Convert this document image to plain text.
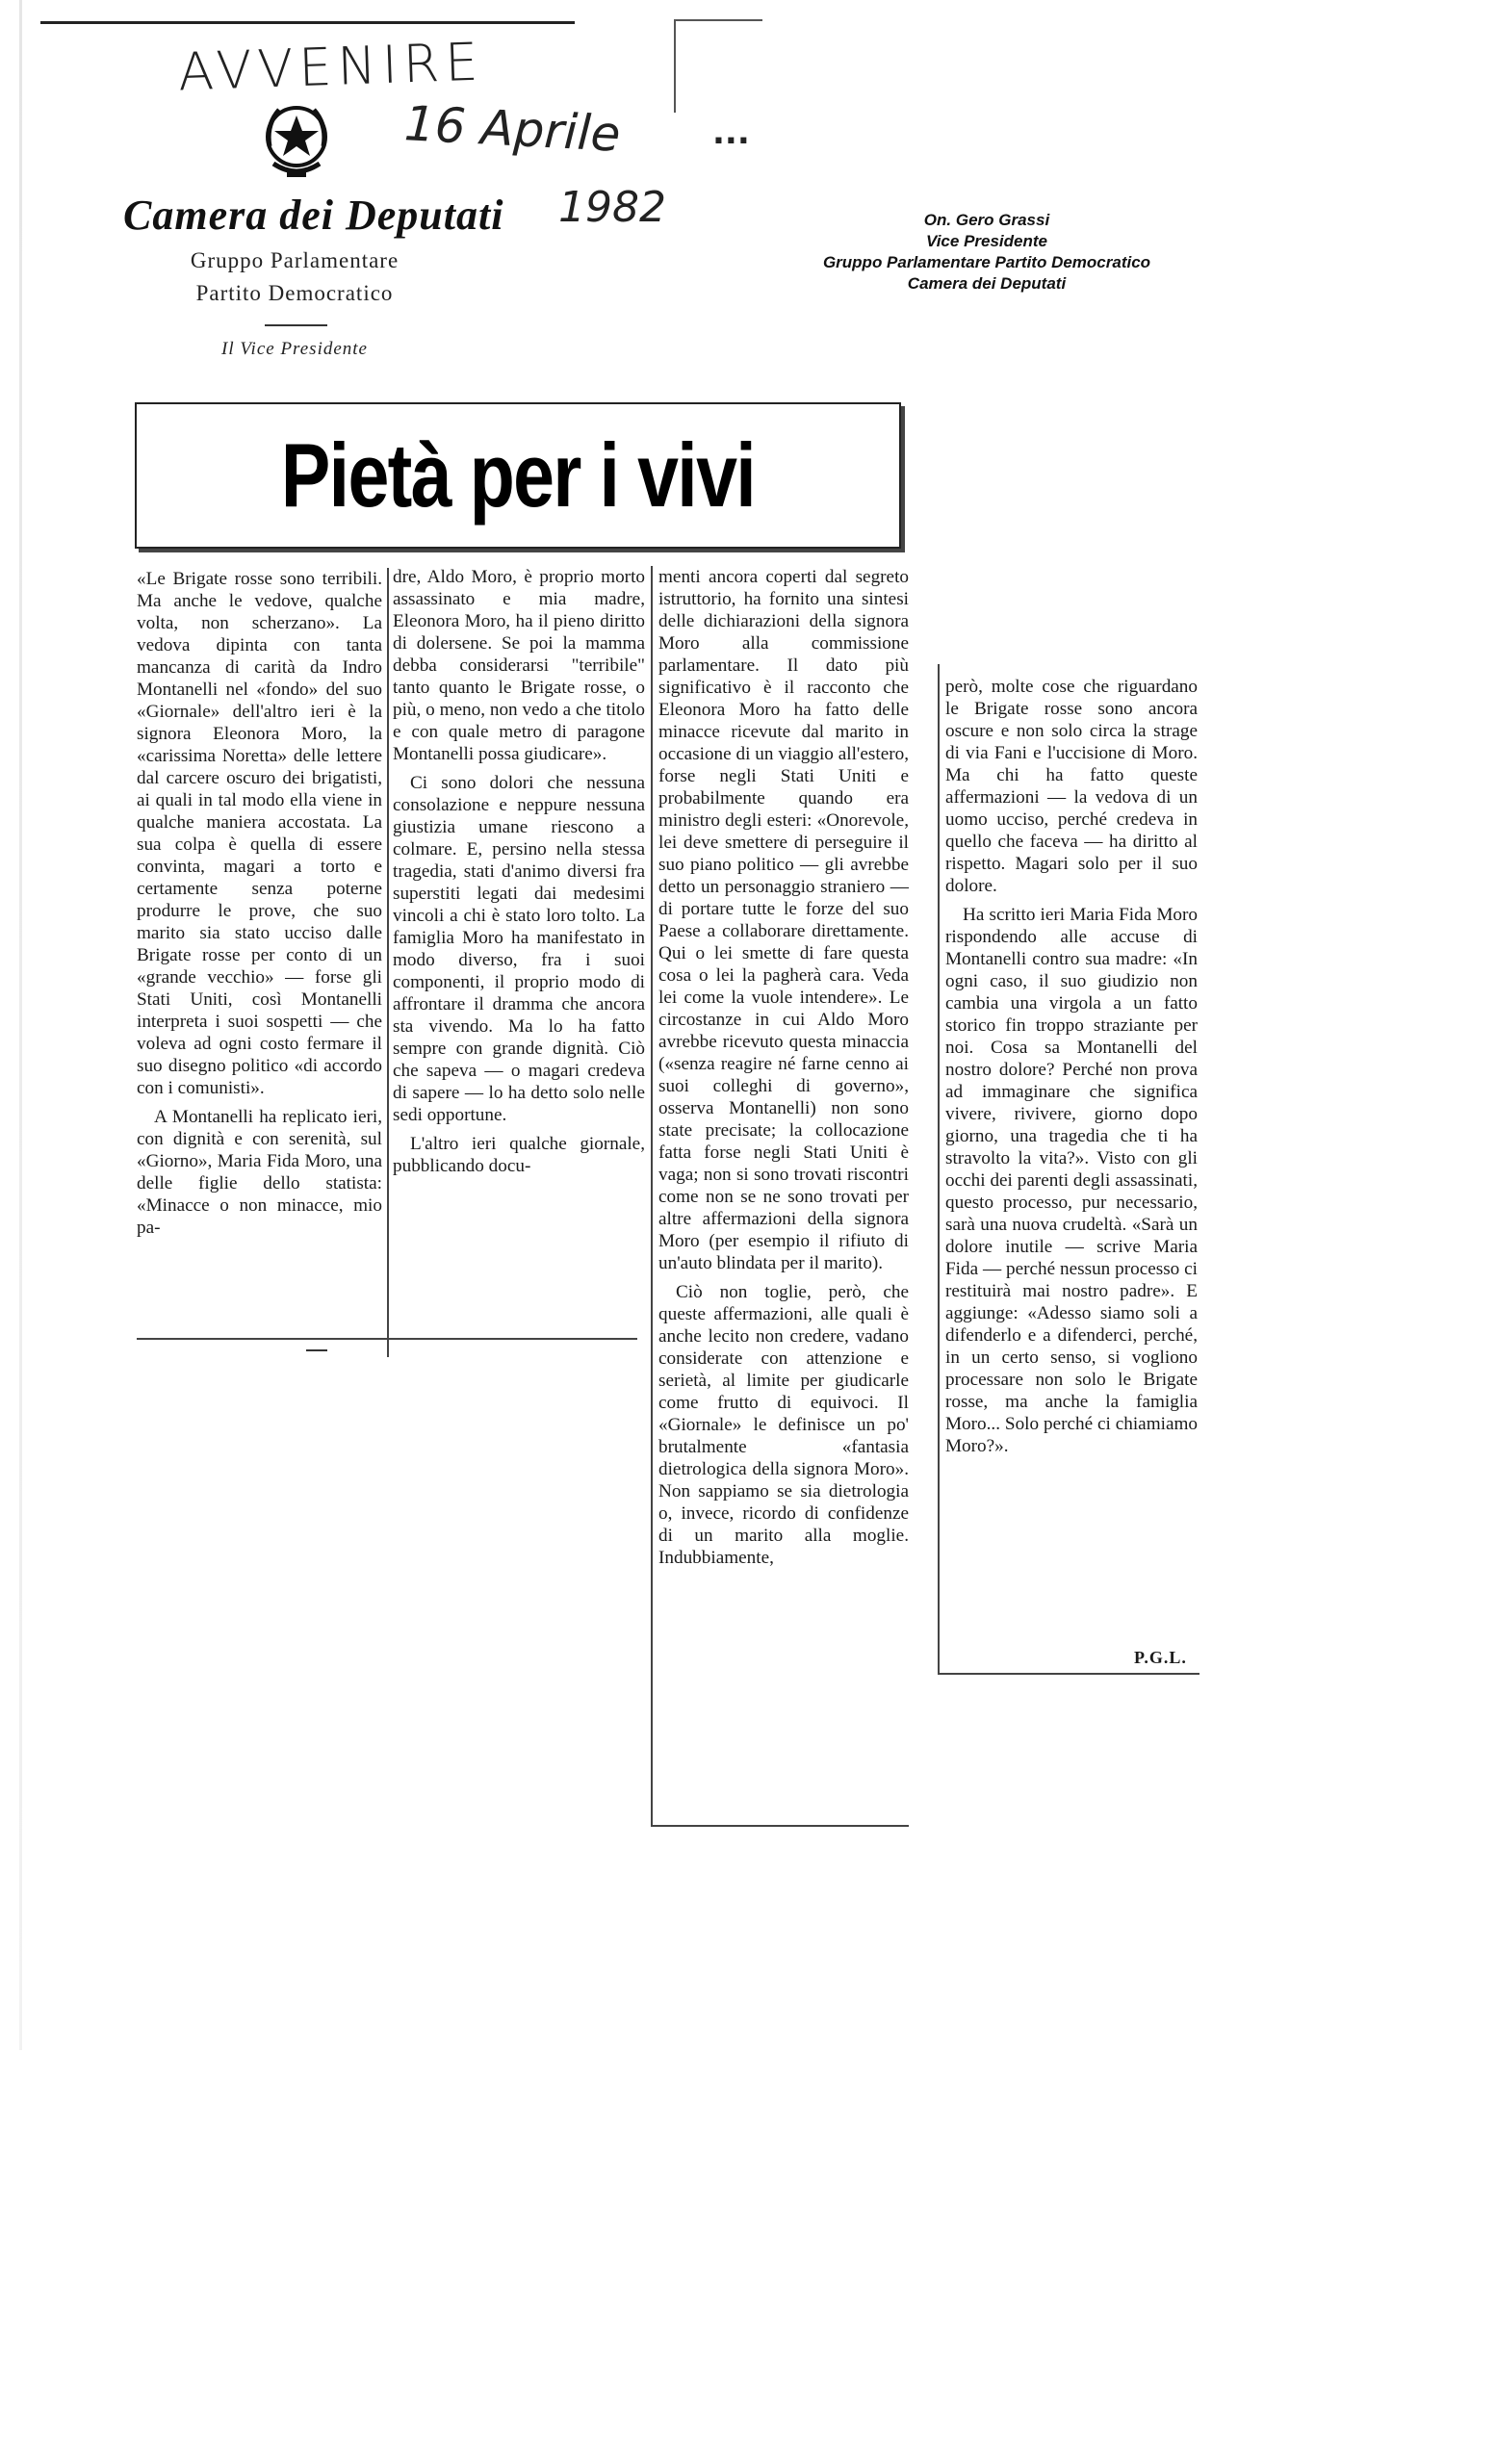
AVVENIRE
16 Aprile
1982
...
Camera dei Deputati
Gruppo Parlamentare
Partito Democratico
Il Vice Presidente
On. Gero Grassi
Vice Presidente
Gruppo Parlamentare Partito Democratico
Camera dei Deputati
Pietà per i vivi

«Le Brigate rosse sono terribili. Ma anche le vedove, qualche volta, non scherzano». La vedova dipinta con tanta mancanza di carità da Indro Montanelli nel «fondo» del suo «Giornale» dell'altro ieri è la signora Eleonora Moro, la «carissima Noretta» delle lettere dal carcere oscuro dei brigatisti, ai quali in tal modo ella viene in qualche maniera accostata. La sua colpa è quella di essere convinta, magari a torto e certamente senza poterne produrre le prove, che suo marito sia stato ucciso dalle Brigate rosse per conto di un «grande vecchio» — forse gli Stati Uniti, così Montanelli interpreta i suoi sospetti — che voleva ad ogni costo fermare il suo disegno politico «di accordo con i comunisti».

A Montanelli ha replicato ieri, con dignità e con serenità, sul «Giorno», Maria Fida Moro, una delle figlie dello statista: «Minacce o non minacce, mio pa-

dre, Aldo Moro, è proprio morto assassinato e mia madre, Eleonora Moro, ha il pieno diritto di dolersene. Se poi la mamma debba considerarsi "terribile" tanto quanto le Brigate rosse, o più, o meno, non vedo a che titolo e con quale metro di paragone Montanelli possa giudicare».

Ci sono dolori che nessuna consolazione e neppure nessuna giustizia umane riescono a colmare. E, persino nella stessa tragedia, stati d'animo diversi fra superstiti legati dai medesimi vincoli a chi è stato loro tolto. La famiglia Moro ha manifestato in modo diverso, fra i suoi componenti, il proprio modo di affrontare il dramma che ancora sta vivendo. Ma lo ha fatto sempre con grande dignità. Ciò che sapeva — o magari credeva di sapere — lo ha detto solo nelle sedi opportune.

L'altro ieri qualche giornale, pubblicando docu-

menti ancora coperti dal segreto istruttorio, ha fornito una sintesi delle dichiarazioni della signora Moro alla commissione parlamentare. Il dato più significativo è il racconto che Eleonora Moro ha fatto delle minacce ricevute dal marito in occasione di un viaggio all'estero, forse negli Stati Uniti e probabilmente quando era ministro degli esteri: «Onorevole, lei deve smettere di perseguire il suo piano politico — gli avrebbe detto un personaggio straniero — di portare tutte le forze del suo Paese a collaborare direttamente. Qui o lei smette di fare questa cosa o lei la pagherà cara. Veda lei come la vuole intendere». Le circostanze in cui Aldo Moro avrebbe ricevuto questa minaccia («senza reagire né farne cenno ai suoi colleghi di governo», osserva Montanelli) non sono state precisate; la collocazione fatta forse negli Stati Uniti è vaga; non si sono trovati riscontri come non se ne sono trovati per altre affermazioni della signora Moro (per esempio il rifiuto di un'auto blindata per il marito).

Ciò non toglie, però, che queste affermazioni, alle quali è anche lecito non credere, vadano considerate con attenzione e serietà, al limite per giudicarle come frutto di equivoci. Il «Giornale» le definisce un po' brutalmente «fantasia dietrologica della signora Moro». Non sappiamo se sia dietrologia o, invece, ricordo di confidenze di un marito alla moglie. Indubbiamente,

però, molte cose che riguardano le Brigate rosse sono ancora oscure e non solo circa la strage di via Fani e l'uccisione di Moro. Ma chi ha fatto queste affermazioni — la vedova di un uomo ucciso, perché credeva in quello che faceva — ha diritto al rispetto. Magari solo per il suo dolore.

Ha scritto ieri Maria Fida Moro rispondendo alle accuse di Montanelli contro sua madre: «In ogni caso, il suo giudizio non cambia una virgola a un fatto storico fin troppo straziante per noi. Cosa sa Montanelli del nostro dolore? Perché non prova ad immaginare che significa vivere, rivivere, giorno dopo giorno, una tragedia che ti ha stravolto la vita?». Visto con gli occhi dei parenti degli assassinati, questo processo, pur necessario, sarà una nuova crudeltà. «Sarà un dolore inutile — scrive Maria Fida — perché nessun processo ci restituirà mai nostro padre». E aggiunge: «Adesso siamo soli a difenderlo e a difenderci, perché, in un certo senso, si vogliono processare non solo le Brigate rosse, ma anche la famiglia Moro... Solo perché ci chiamiamo Moro?».

P.G.L.
